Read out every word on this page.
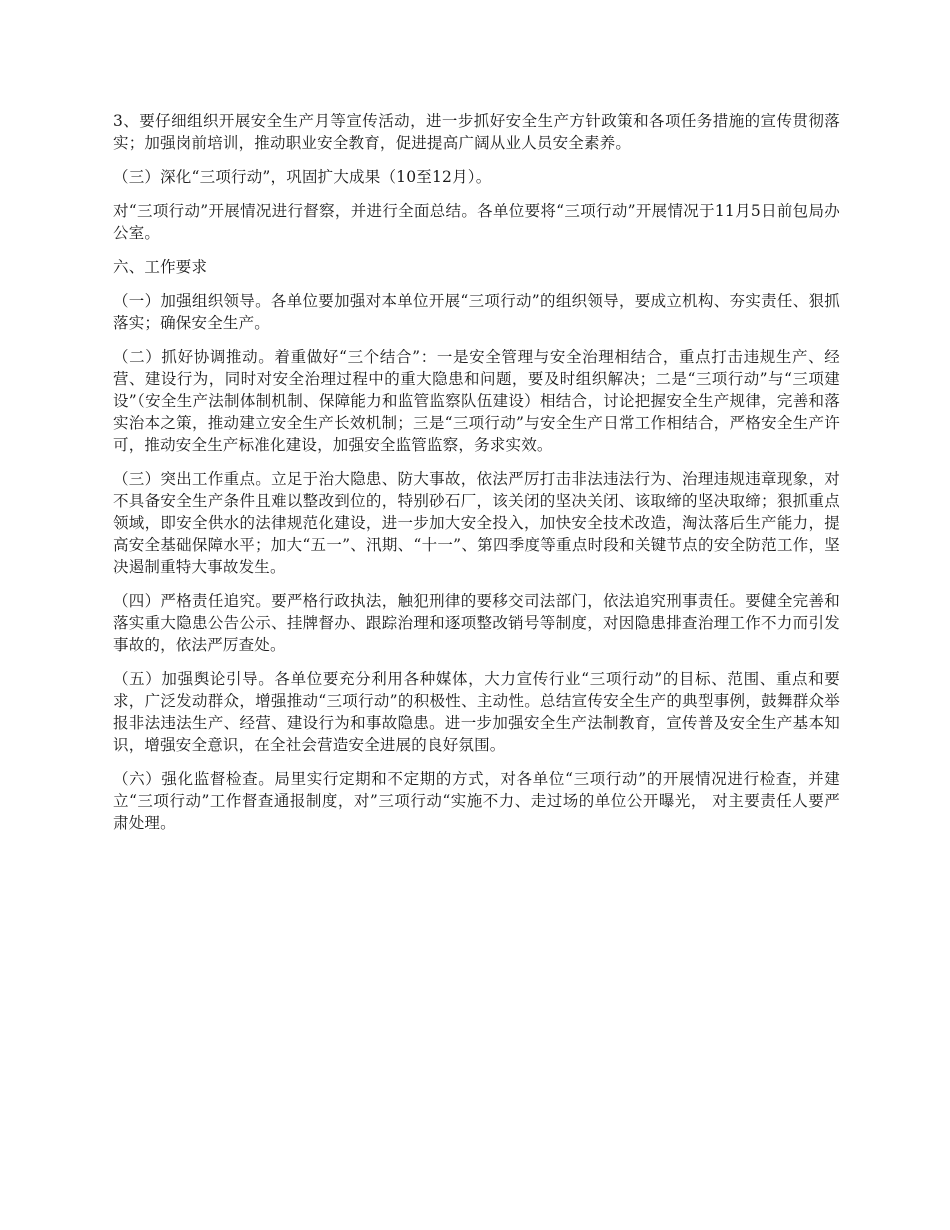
3、要仔细组织开展安全生产月等宣传活动，进一步抓好安全生产方针政策和各项任务措施的宣传贯彻落实；加强岗前培训，推动职业安全教育，促进提高广阔从业人员安全素养。

（三）深化“三项行动”，巩固扩大成果（10至12月）。

对“三项行动”开展情况进行督察，并进行全面总结。各单位要将“三项行动”开展情况于11月5日前包局办公室。

六、工作要求

（一）加强组织领导。各单位要加强对本单位开展“三项行动”的组织领导，要成立机构、夯实责任、狠抓落实；确保安全生产。

（二）抓好协调推动。着重做好“三个结合”：一是安全管理与安全治理相结合，重点打击违规生产、经营、建设行为，同时对安全治理过程中的重大隐患和问题，要及时组织解决；二是“三项行动”与“三项建设”（安全生产法制体制机制、保障能力和监管监察队伍建设）相结合，讨论把握安全生产规律，完善和落实治本之策，推动建立安全生产长效机制；三是“三项行动”与安全生产日常工作相结合，严格安全生产许可，推动安全生产标准化建设，加强安全监管监察，务求实效。

（三）突出工作重点。立足于治大隐患、防大事故，依法严厉打击非法违法行为、治理违规违章现象，对不具备安全生产条件且难以整改到位的，特别砂石厂，该关闭的坚决关闭、该取缔的坚决取缔；狠抓重点领域，即安全供水的法律规范化建设，进一步加大安全投入，加快安全技术改造，淘汰落后生产能力，提高安全基础保障水平；加大“五一”、汛期、“十一”、第四季度等重点时段和关键节点的安全防范工作，坚决遏制重特大事故发生。

（四）严格责任追究。要严格行政执法，触犯刑律的要移交司法部门，依法追究刑事责任。要健全完善和落实重大隐患公告公示、挂牌督办、跟踪治理和逐项整改销号等制度，对因隐患排查治理工作不力而引发事故的，依法严厉查处。

（五）加强舆论引导。各单位要充分利用各种媒体，大力宣传行业“三项行动”的目标、范围、重点和要求，广泛发动群众，增强推动“三项行动”的积极性、主动性。总结宣传安全生产的典型事例，鼓舞群众举报非法违法生产、经营、建设行为和事故隐患。进一步加强安全生产法制教育，宣传普及安全生产基本知识，增强安全意识，在全社会营造安全进展的良好氛围。

（六）强化监督检查。局里实行定期和不定期的方式，对各单位“三项行动”的开展情况进行检查，并建立“三项行动”工作督查通报制度，对”三项行动“实施不力、走过场的单位公开曝光， 对主要责任人要严肃处理。
